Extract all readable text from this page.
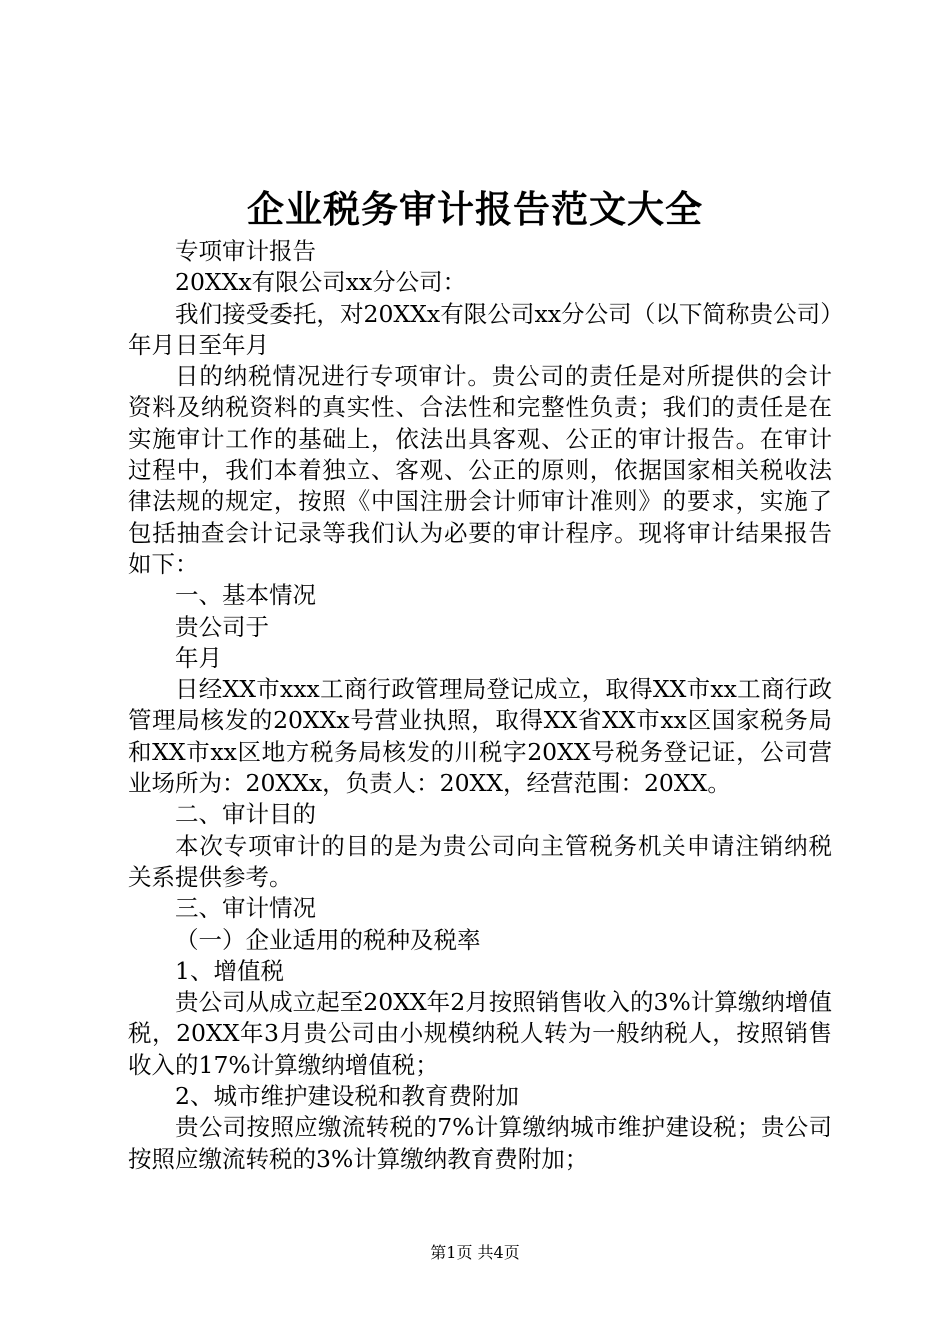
企业税务审计报告范文大全

专项审计报告

20XXx有限公司xx分公司：

我们接受委托，对20XXx有限公司xx分公司（以下简称贵公司）年月日至年月

日的纳税情况进行专项审计。贵公司的责任是对所提供的会计资料及纳税资料的真实性、合法性和完整性负责；我们的责任是在实施审计工作的基础上，依法出具客观、公正的审计报告。在审计过程中，我们本着独立、客观、公正的原则，依据国家相关税收法律法规的规定，按照《中国注册会计师审计准则》的要求，实施了包括抽查会计记录等我们认为必要的审计程序。现将审计结果报告如下：

一、基本情况

贵公司于

年月

日经XX市xxx工商行政管理局登记成立，取得XX市xx工商行政管理局核发的20XXx号营业执照，取得XX省XX市xx区国家税务局和XX市xx区地方税务局核发的川税字20XX号税务登记证，公司营业场所为：20XXx，负责人：20XX，经营范围：20XX。

二、审计目的

本次专项审计的目的是为贵公司向主管税务机关申请注销纳税关系提供参考。

三、审计情况

（一）企业适用的税种及税率

1、增值税

贵公司从成立起至20XX年2月按照销售收入的3%计算缴纳增值税，20XX年3月贵公司由小规模纳税人转为一般纳税人，按照销售收入的17%计算缴纳增值税；

2、城市维护建设税和教育费附加

贵公司按照应缴流转税的7%计算缴纳城市维护建设税；贵公司按照应缴流转税的3%计算缴纳教育费附加；

第1页 共4页
